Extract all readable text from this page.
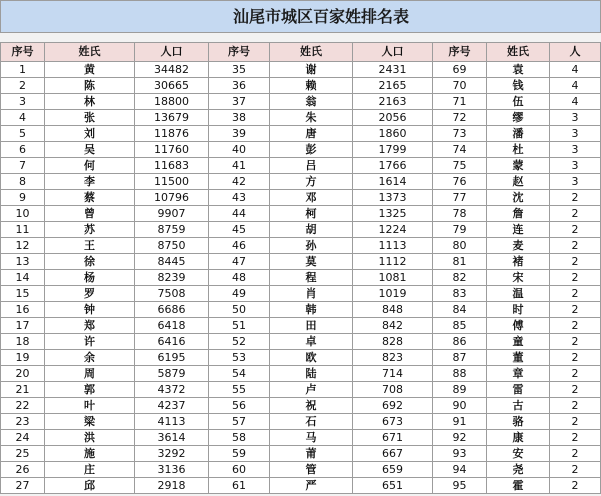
汕尾市城区百家姓排名表								

序号	姓氏	人口	序号	姓氏	人口	序号	姓氏	人
1	黄	34482	35	谢	2431	69	袁	4
2	陈	30665	36	赖	2165	70	钱	4
3	林	18800	37	翁	2163	71	伍	4
4	张	13679	38	朱	2056	72	缪	3
5	刘	11876	39	唐	1860	73	潘	3
6	吴	11760	40	彭	1799	74	杜	3
7	何	11683	41	吕	1766	75	蒙	3
8	李	11500	42	方	1614	76	赵	3
9	蔡	10796	43	邓	1373	77	沈	2
10	曾	9907	44	柯	1325	78	詹	2
11	苏	8759	45	胡	1224	79	连	2
12	王	8750	46	孙	1113	80	麦	2
13	徐	8445	47	莫	1112	81	褚	2
14	杨	8239	48	程	1081	82	宋	2
15	罗	7508	49	肖	1019	83	温	2
16	钟	6686	50	韩	848	84	时	2
17	郑	6418	51	田	842	85	傅	2
18	许	6416	52	卓	828	86	童	2
19	余	6195	53	欧	823	87	董	2
20	周	5879	54	陆	714	88	章	2
21	郭	4372	55	卢	708	89	雷	2
22	叶	4237	56	祝	692	90	古	2
23	梁	4113	57	石	673	91	骆	2
24	洪	3614	58	马	671	92	康	2
25	施	3292	59	莆	667	93	安	2
26	庄	3136	60	管	659	94	尧	2
27	邱	2918	61	严	651	95	霍	2
